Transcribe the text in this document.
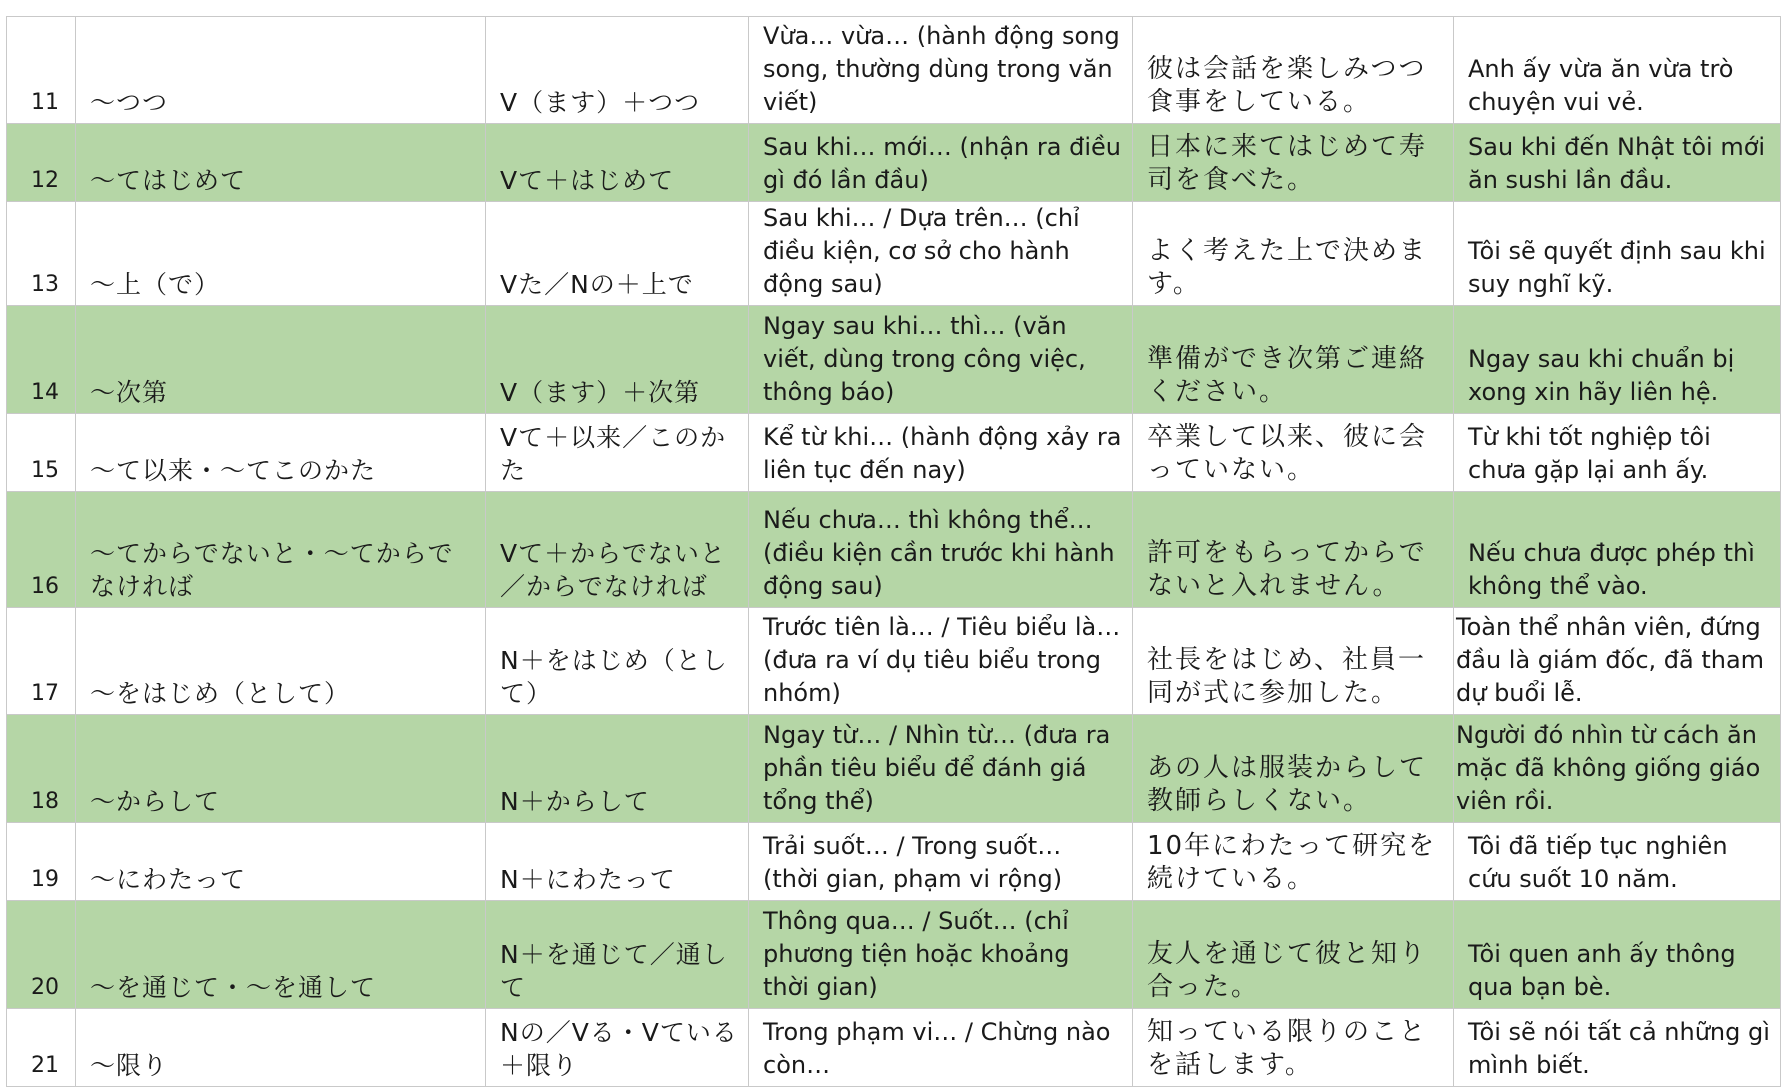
11	～つつ	V（ます）＋つつ	Vừa… vừa… (hành động song song, thường dùng trong văn viết)	彼は会話を楽しみつつ食事をしている。	Anh ấy vừa ăn vừa trò chuyện vui vẻ.
12	～てはじめて	Vて＋はじめて	Sau khi… mới… (nhận ra điều gì đó lần đầu)	日本に来てはじめて寿司を食べた。	Sau khi đến Nhật tôi mới ăn sushi lần đầu.
13	～上（で）	Vた／Nの＋上で	Sau khi… / Dựa trên… (chỉ điều kiện, cơ sở cho hành động sau)	よく考えた上で決めます。	Tôi sẽ quyết định sau khi suy nghĩ kỹ.
14	～次第	V（ます）＋次第	Ngay sau khi… thì… (văn viết, dùng trong công việc, thông báo)	準備ができ次第ご連絡ください。	Ngay sau khi chuẩn bị xong xin hãy liên hệ.
15	～て以来・～てこのかた	Vて＋以来／このかた	Kể từ khi… (hành động xảy ra liên tục đến nay)	卒業して以来、彼に会っていない。	Từ khi tốt nghiệp tôi chưa gặp lại anh ấy.
16	～てからでないと・～てからでなければ	Vて＋からでないと／からでなければ	Nếu chưa… thì không thể… (điều kiện cần trước khi hành động sau)	許可をもらってからでないと入れません。	Nếu chưa được phép thì không thể vào.
17	～をはじめ（として）	N＋をはじめ（として）	Trước tiên là… / Tiêu biểu là… (đưa ra ví dụ tiêu biểu trong nhóm)	社長をはじめ、社員一同が式に参加した。	Toàn thể nhân viên, đứng đầu là giám đốc, đã tham dự buổi lễ.
18	～からして	N＋からして	Ngay từ… / Nhìn từ… (đưa ra phần tiêu biểu để đánh giá tổng thể)	あの人は服装からして教師らしくない。	Người đó nhìn từ cách ăn mặc đã không giống giáo viên rồi.
19	～にわたって	N＋にわたって	Trải suốt… / Trong suốt… (thời gian, phạm vi rộng)	10年にわたって研究を続けている。	Tôi đã tiếp tục nghiên cứu suốt 10 năm.
20	～を通じて・～を通して	N＋を通じて／通して	Thông qua… / Suốt… (chỉ phương tiện hoặc khoảng thời gian)	友人を通じて彼と知り合った。	Tôi quen anh ấy thông qua bạn bè.
21	～限り	Nの／Vる・Vている＋限り	Trong phạm vi… / Chừng nào còn…	知っている限りのことを話します。	Tôi sẽ nói tất cả những gì mình biết.
